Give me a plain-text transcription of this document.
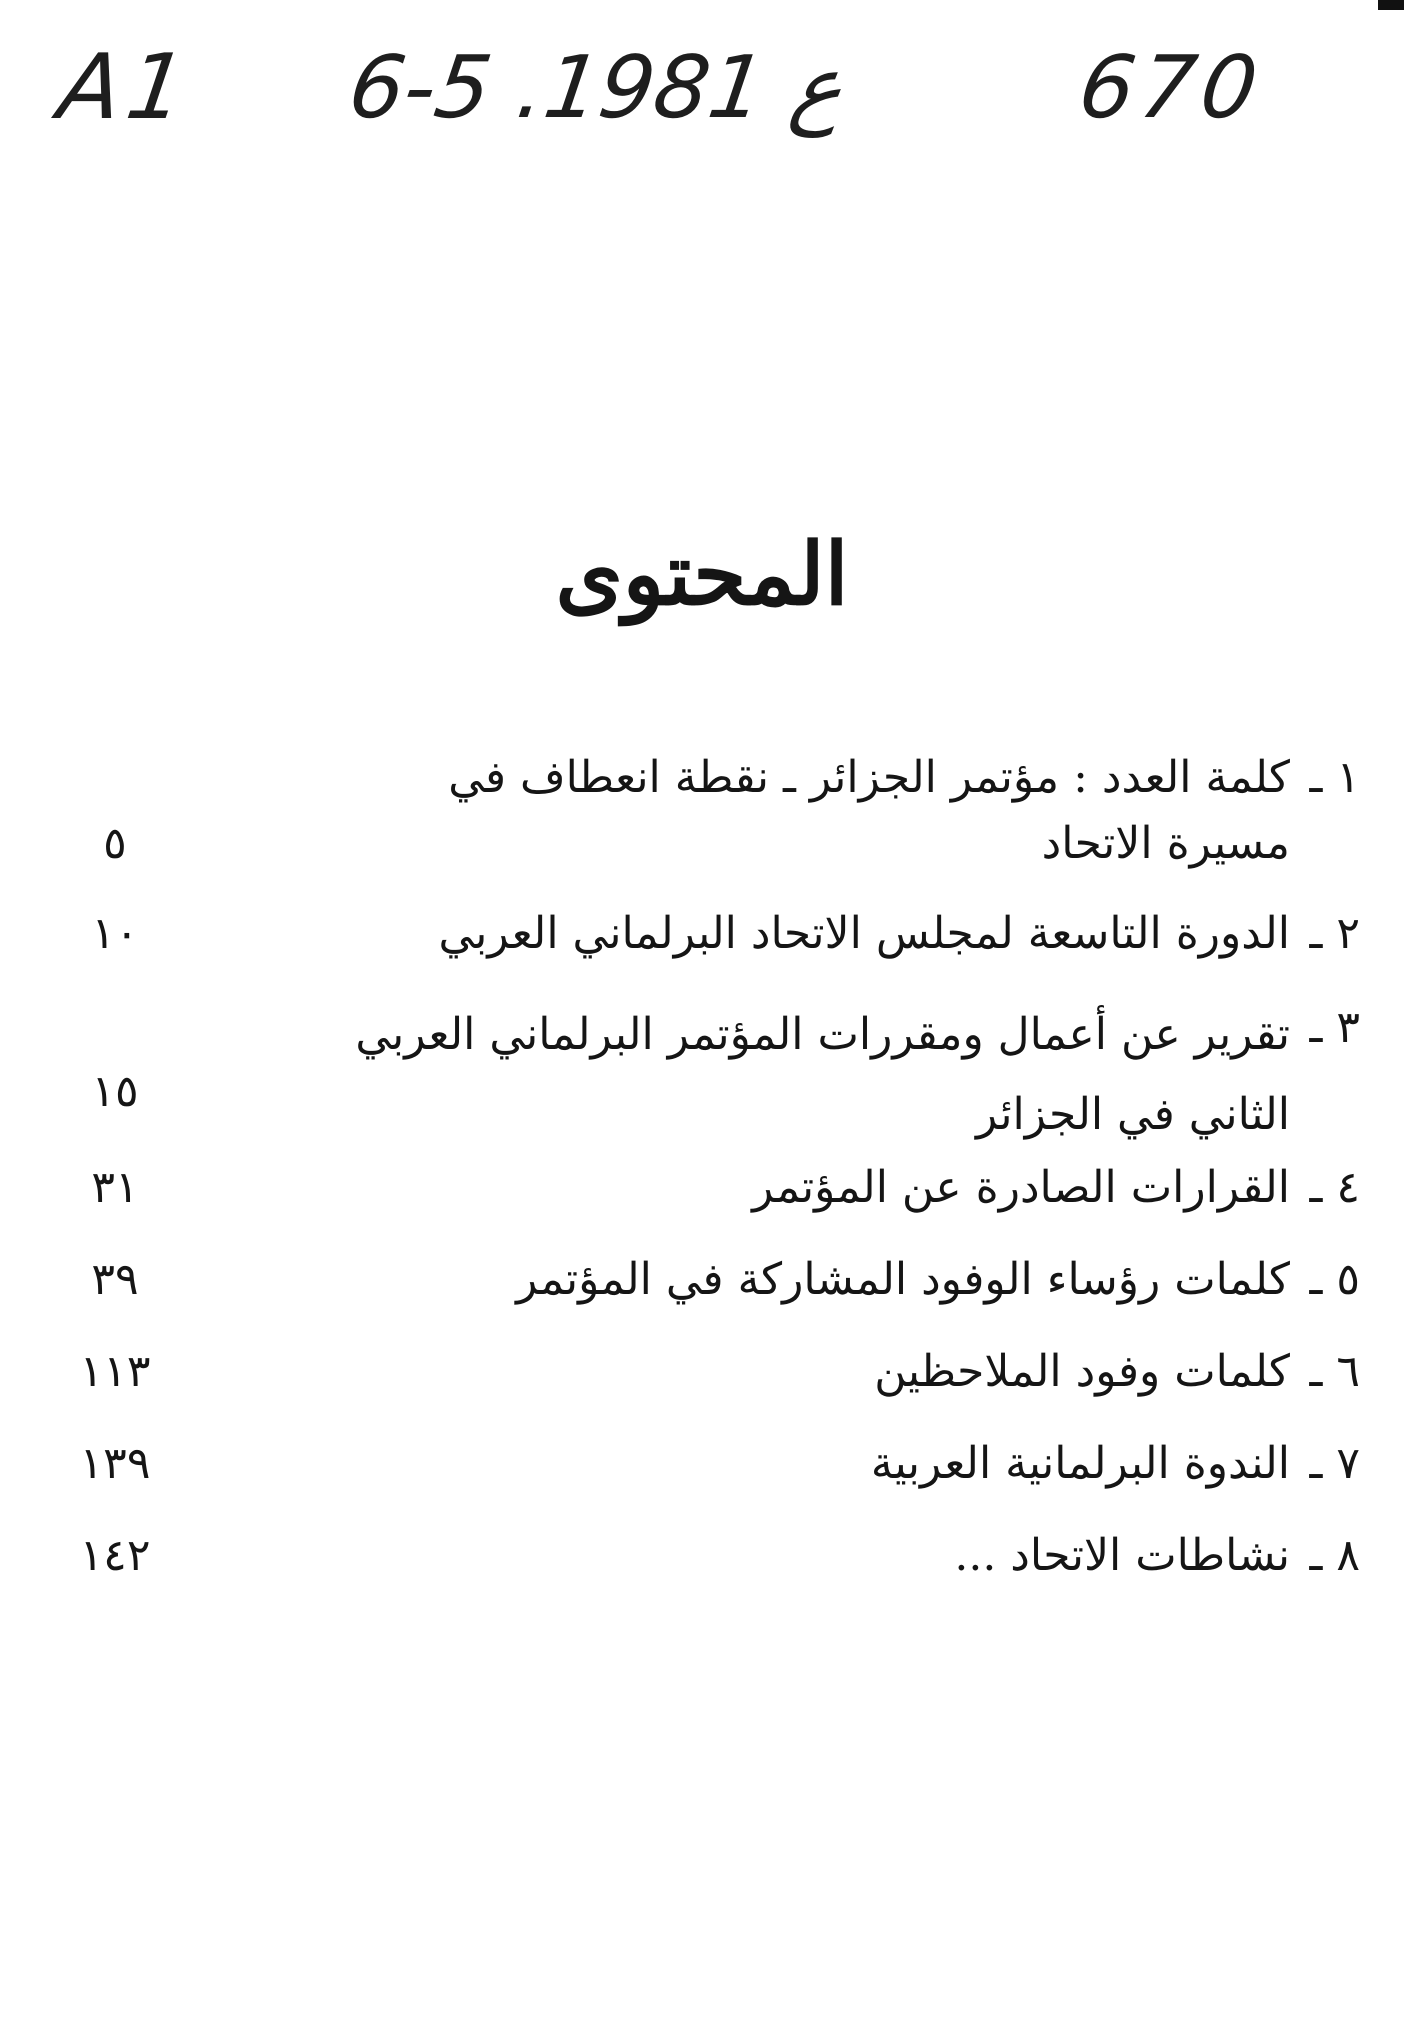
A1 6-5 .ع 1981	670
المحتوى
١ ـ
كلمة العدد : مؤتمر الجزائر ـ نقطة انعطاف في مسيرة الاتحاد
٥
٢ ـ
الدورة التاسعة لمجلس الاتحاد البرلماني العربي
١٠
٣ ـ
تقرير عن أعمال ومقررات المؤتمر البرلماني العربي الثاني في الجزائر
١٥
٤ ـ
القرارات الصادرة عن المؤتمر
٣١
٥ ـ
كلمات رؤساء الوفود المشاركة في المؤتمر
٣٩
٦ ـ
كلمات وفود الملاحظين
١١٣
٧ ـ
الندوة البرلمانية العربية
١٣٩
٨ ـ
نشاطات الاتحاد ...
١٤٢
